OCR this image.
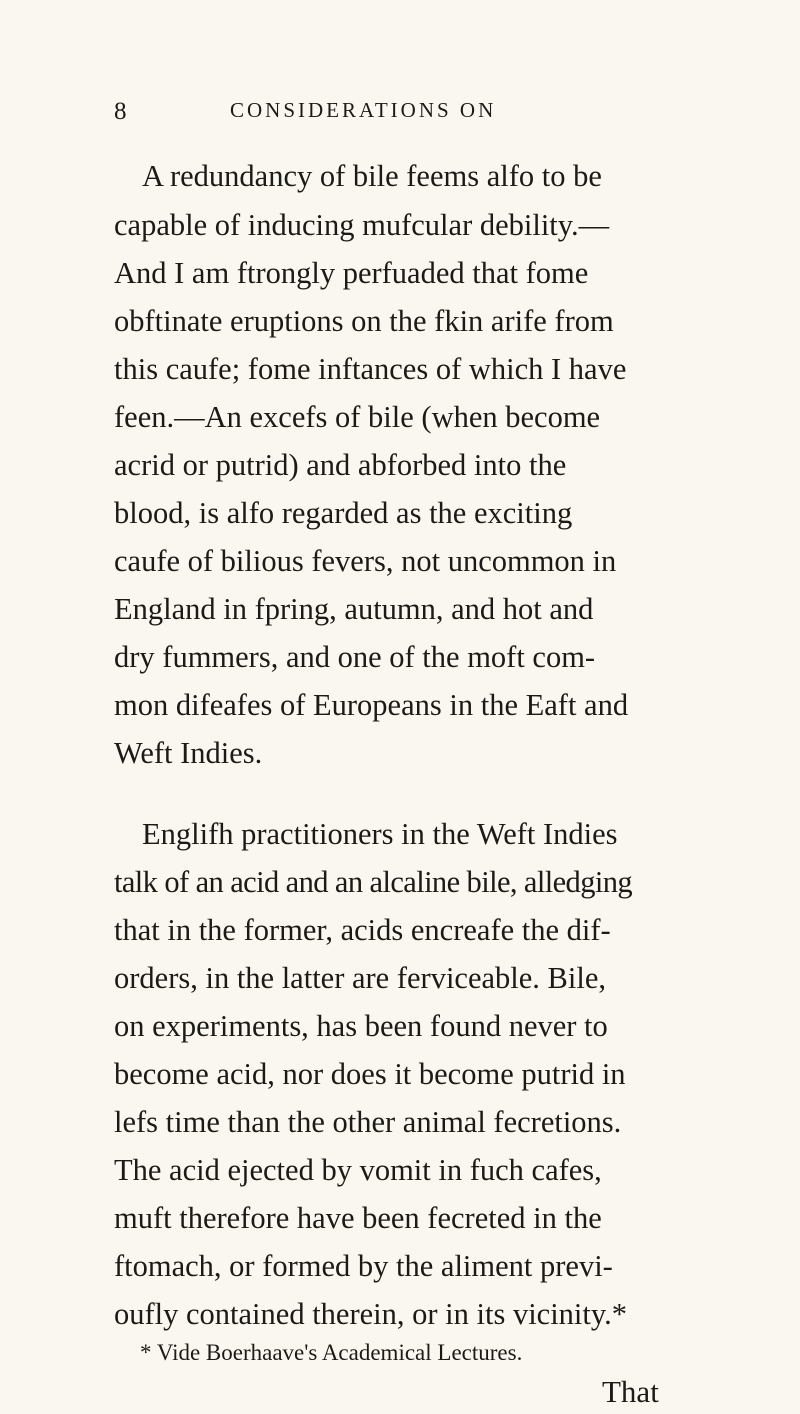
8	CONSIDERATIONS ON
A redundancy of bile feems alfo to be
capable of inducing mufcular debility.—
And I am ftrongly perfuaded that fome
obftinate eruptions on the fkin arife from
this caufe; fome inftances of which I have
feen.—An excefs of bile (when become
acrid or putrid) and abforbed into the
blood, is alfo regarded as the exciting
caufe of bilious fevers, not uncommon in
England in fpring, autumn, and hot and
dry fummers, and one of the moft com-
mon difeafes of Europeans in the Eaft and
Weft Indies.
Englifh practitioners in the Weft Indies
talk of an acid and an alcaline bile, alledging
that in the former, acids encreafe the dif-
orders, in the latter are ferviceable. Bile,
on experiments, has been found never to
become acid, nor does it become putrid in
lefs time than the other animal fecretions.
The acid ejected by vomit in fuch cafes,
muft therefore have been fecreted in the
ftomach, or formed by the aliment previ-
oufly contained therein, or in its vicinity.*
* Vide Boerhaave's Academical Lectures.
That
